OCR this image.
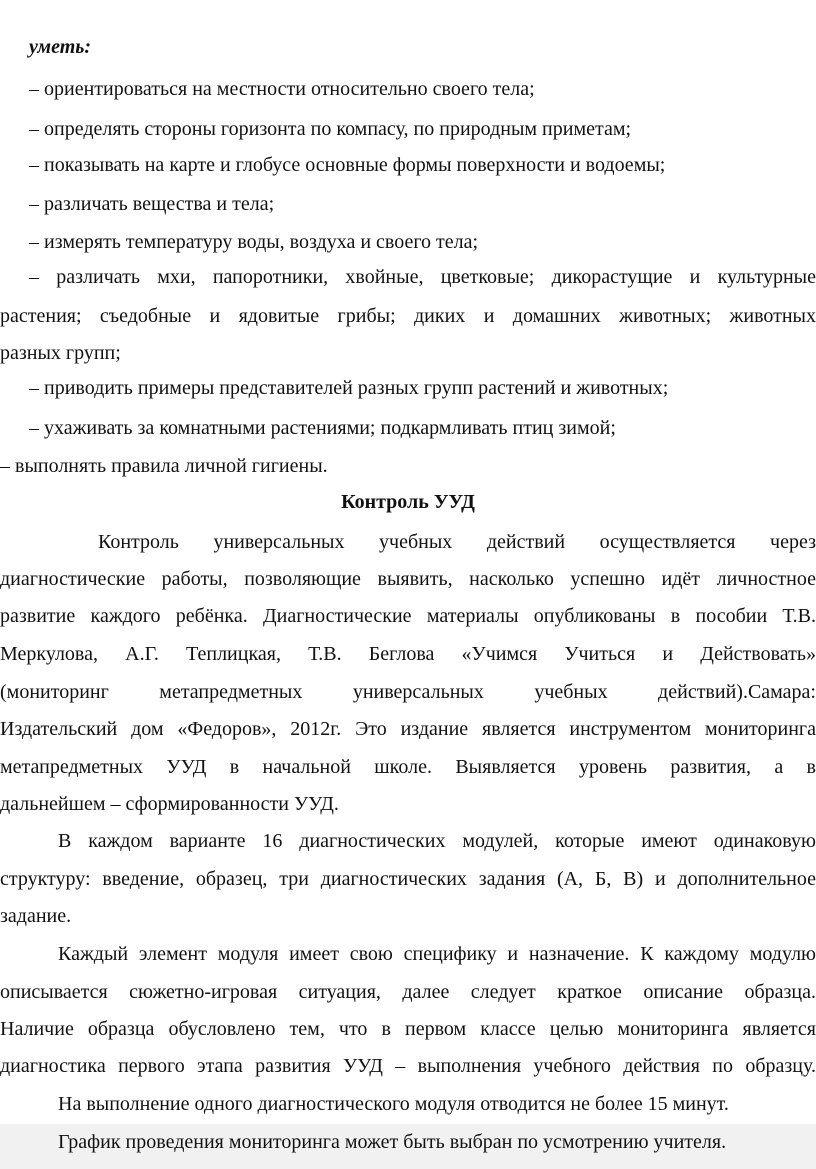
уметь:
– ориентироваться на местности относительно своего тела;
– определять стороны горизонта по компасу, по природным приметам;
– показывать на карте и глобусе основные формы поверхности и водоемы;
– различать вещества и тела;
– измерять температуру воды, воздуха и своего тела;
– различать мхи, папоротники, хвойные, цветковые; дикорастущие и культурные
растения; съедобные и ядовитые грибы; диких и домашних животных; животных
разных групп;
– приводить примеры представителей разных групп растений и животных;
– ухаживать за комнатными растениями; подкармливать птиц зимой;
– выполнять правила личной гигиены.
Контроль УУД
Контроль универсальных учебных действий осуществляется через
диагностические работы, позволяющие выявить, насколько успешно идёт личностное
развитие каждого ребёнка. Диагностические материалы опубликованы в пособии Т.В.
Меркулова, А.Г. Теплицкая, Т.В. Беглова «Учимся Учиться и Действовать»
(мониторинг метапредметных универсальных учебных действий).Самара:
Издательский дом «Федоров», 2012г. Это издание является инструментом мониторинга
метапредметных УУД в начальной школе. Выявляется уровень развития, а в
дальнейшем – сформированности УУД.
В каждом варианте 16 диагностических модулей, которые имеют одинаковую
структуру: введение, образец, три диагностических задания (А, Б, В) и дополнительное
задание.
Каждый элемент модуля имеет свою специфику и назначение. К каждому модулю
описывается сюжетно-игровая ситуация, далее следует краткое описание образца.
Наличие образца обусловлено тем, что в первом классе целью мониторинга является
диагностика первого этапа развития УУД – выполнения учебного действия по образцу.
На выполнение одного диагностического модуля отводится не более 15 минут.
График проведения мониторинга может быть выбран по усмотрению учителя.
